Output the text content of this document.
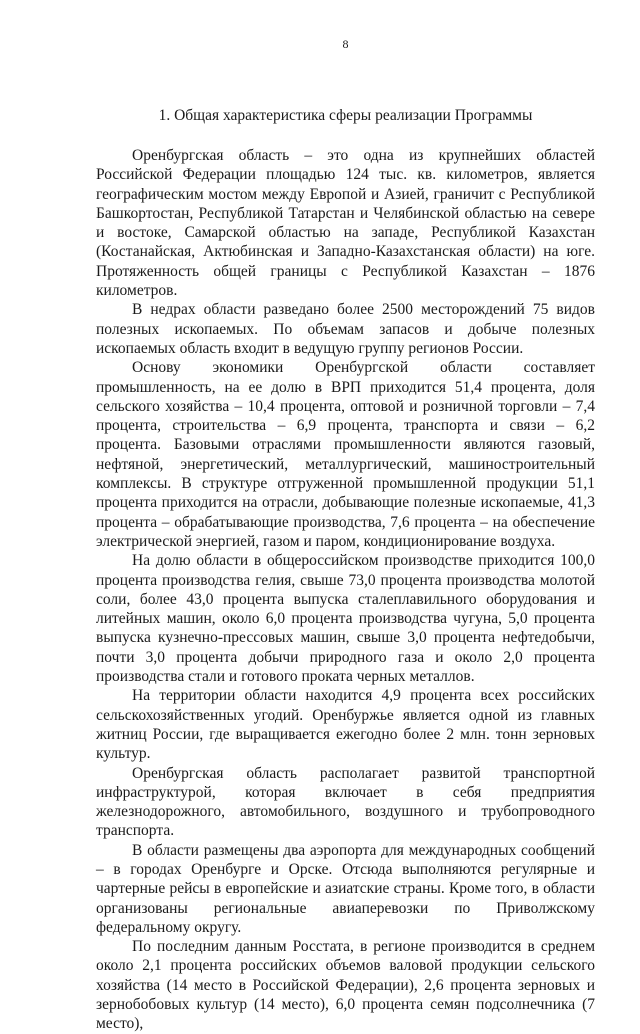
8
1. Общая характеристика сферы реализации Программы

Оренбургская область – это одна из крупнейших областей Российской Федерации площадью 124 тыс. кв. километров, является географическим мостом между Европой и Азией, граничит с Республикой Башкортостан, Республикой Татарстан и Челябинской областью на севере и востоке, Самарской областью на западе, Республикой Казахстан (Костанайская, Актюбинская и Западно-Казахстанская области) на юге. Протяженность общей границы с Республикой Казахстан – 1876 километров.

В недрах области разведано более 2500 месторождений 75 видов полезных ископаемых. По объемам запасов и добыче полезных ископаемых область входит в ведущую группу регионов России.

Основу экономики Оренбургской области составляет промышленность, на ее долю в ВРП приходится 51,4 процента, доля сельского хозяйства – 10,4 процента, оптовой и розничной торговли – 7,4 процента, строительства – 6,9 процента, транспорта и связи – 6,2 процента. Базовыми отраслями промышленности являются газовый, нефтяной, энергетический, металлургический, машиностроительный комплексы. В структуре отгруженной промышленной продукции 51,1 процента приходится на отрасли, добывающие полезные ископаемые, 41,3 процента – обрабатывающие производства, 7,6 процента – на обеспечение электрической энергией, газом и паром, кондиционирование воздуха.

На долю области в общероссийском производстве приходится 100,0 процента производства гелия, свыше 73,0 процента производства молотой соли, более 43,0 процента выпуска сталеплавильного оборудования и литейных машин, около 6,0 процента производства чугуна, 5,0 процента выпуска кузнечно-прессовых машин, свыше 3,0 процента нефтедобычи, почти 3,0 процента добычи природного газа и около 2,0 процента производства стали и готового проката черных металлов.

На территории области находится 4,9 процента всех российских сельскохозяйственных угодий. Оренбуржье является одной из главных житниц России, где выращивается ежегодно более 2 млн. тонн зерновых культур.

Оренбургская область располагает развитой транспортной инфраструктурой, которая включает в себя предприятия железнодорожного, автомобильного, воздушного и трубопроводного транспорта.

В области размещены два аэропорта для международных сообщений – в городах Оренбурге и Орске. Отсюда выполняются регулярные и чартерные рейсы в европейские и азиатские страны. Кроме того, в области организованы региональные авиаперевозки по Приволжскому федеральному округу.

По последним данным Росстата, в регионе производится в среднем около 2,1 процента российских объемов валовой продукции сельского хозяйства (14 место в Российской Федерации), 2,6 процента зерновых и зернобобовых культур (14 место), 6,0 процента семян подсолнечника (7 место),
